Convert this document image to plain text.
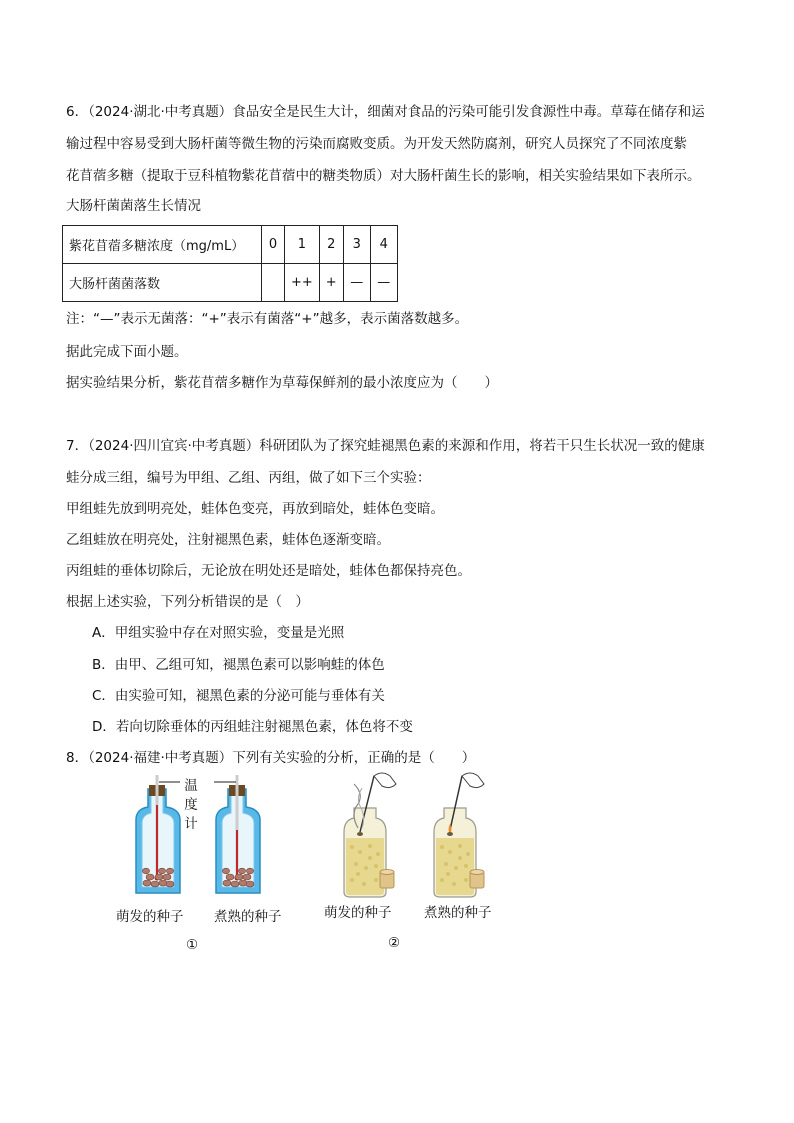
6．（2024·湖北·中考真题）食品安全是民生大计，细菌对食品的污染可能引发食源性中毒。草莓在储存和运
输过程中容易受到大肠杆菌等微生物的污染而腐败变质。为开发天然防腐剂，研究人员探究了不同浓度紫
花苜蓿多糖（提取于豆科植物紫花苜蓿中的糖类物质）对大肠杆菌生长的影响，相关实验结果如下表所示。
大肠杆菌菌落生长情况
紫花苜蓿多糖浓度（mg/mL）	0	1	2	3	4
大肠杆菌菌落数		++	+	—	—
注：“—”表示无菌落：“+”表示有菌落“+”越多，表示菌落数越多。
据此完成下面小题。
据实验结果分析，紫花苜蓿多糖作为草莓保鲜剂的最小浓度应为（　　）
7．（2024·四川宜宾·中考真题）科研团队为了探究蛙褪黑色素的来源和作用，将若干只生长状况一致的健康
蛙分成三组，编号为甲组、乙组、丙组，做了如下三个实验：
甲组蛙先放到明亮处，蛙体色变亮，再放到暗处，蛙体色变暗。
乙组蛙放在明亮处，注射褪黑色素，蛙体色逐渐变暗。
丙组蛙的垂体切除后，无论放在明处还是暗处，蛙体色都保持亮色。
根据上述实验，下列分析错误的是（　）
A．甲组实验中存在对照实验，变量是光照
B．由甲、乙组可知，褪黑色素可以影响蛙的体色
C．由实验可知，褪黑色素的分泌可能与垂体有关
D．若向切除垂体的丙组蛙注射褪黑色素，体色将不变
8．（2024·福建·中考真题）下列有关实验的分析，正确的是（　　）
温
度
计
萌发的种子 煮熟的种子
①
萌发的种子 煮熟的种子
②
